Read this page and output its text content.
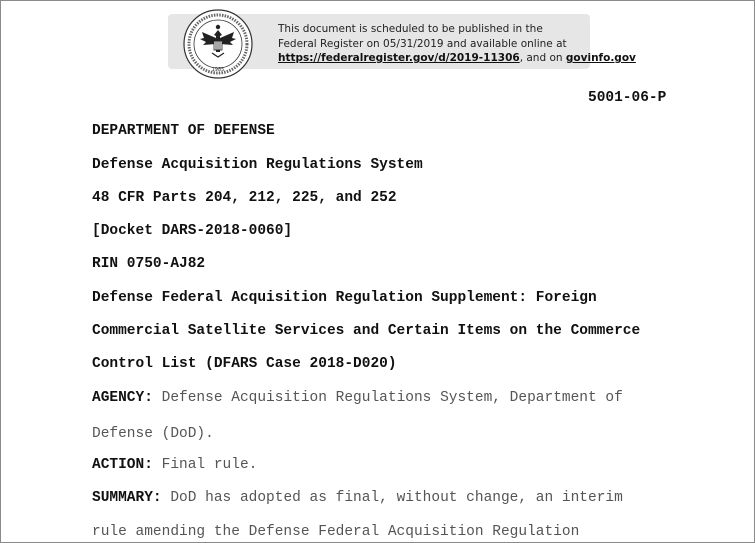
1985
This document is scheduled to be published in the
Federal Register on 05/31/2019 and available online at
https://federalregister.gov/d/2019-11306, and on govinfo.gov
5001-06-P
DEPARTMENT OF DEFENSE
Defense Acquisition Regulations System
48 CFR Parts 204, 212, 225, and 252
[Docket DARS-2018-0060]
RIN 0750-AJ82
Defense Federal Acquisition Regulation Supplement: Foreign
Commercial Satellite Services and Certain Items on the Commerce
Control List (DFARS Case 2018-D020)
AGENCY: Defense Acquisition Regulations System, Department of
Defense (DoD).
ACTION: Final rule.
SUMMARY: DoD has adopted as final, without change, an interim
rule amending the Defense Federal Acquisition Regulation
